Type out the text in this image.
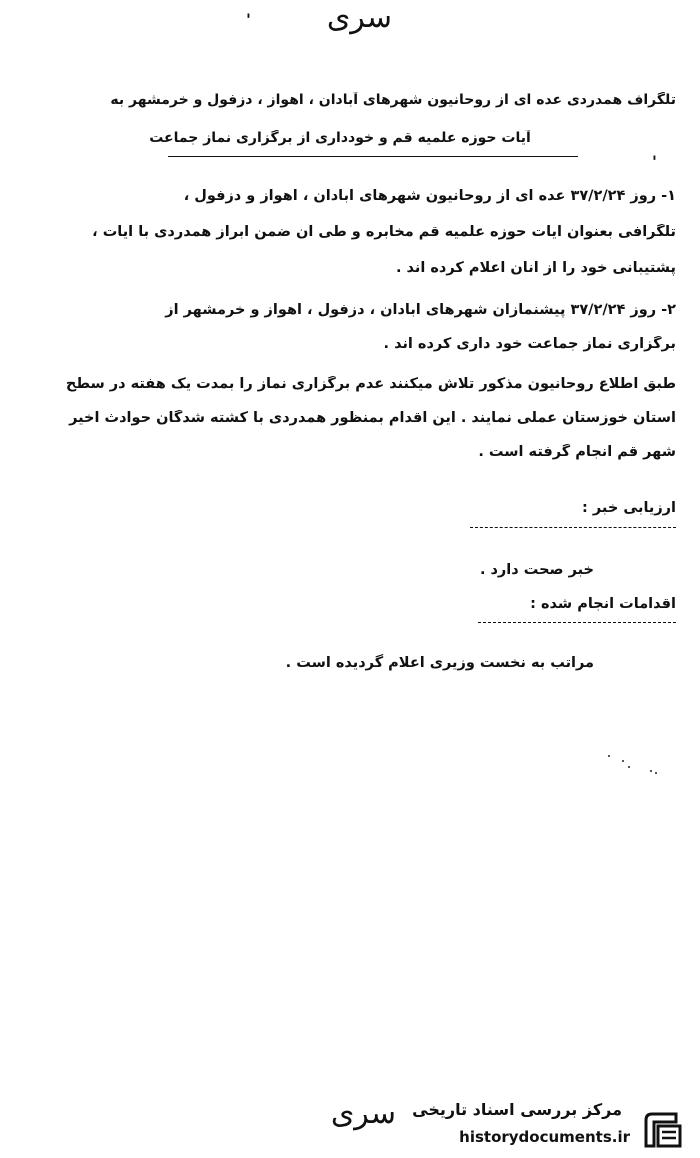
سری
'
تلگراف همدردی عده ای از روحانیون شهرهای آبادان ، اهواز ، دزفول و خرمشهر به
آیات حوزه علمیه قم و خودداری از برگزاری نماز جماعت
'
۱- روز ۳۷/۲/۲۴ عده ای از روحانیون شهرهای آبادان ، اهواز و دزفول ،
تلگرافی بعنوان آیات حوزه علمیه قم مخابره و طی آن ضمن ابراز همدردی با آیات ،
پشتیبانی خود را از آنان اعلام کرده اند .
۲- روز ۳۷/۲/۲۴ پیشنمازان شهرهای آبادان ، دزفول ، اهواز و خرمشهر از
برگزاری نماز جماعت خود داری کرده اند .
طبق اطلاع روحانیون مذکور تلاش میکنند عدم برگزاری نماز را بمدت یک هفته در سطح
استان خوزستان عملی نمایند . این اقدام بمنظور همدردی با کشته شدگان حوادث اخیر
شهر قم انجام گرفته است .
ارزیابی خبر :
خبر صحت دارد .
اقدامات انجام شده :
مراتب به نخست وزیری اعلام گردیده است .
سری	مرکز بررسی اسناد تاریخی
historydocuments.ir
